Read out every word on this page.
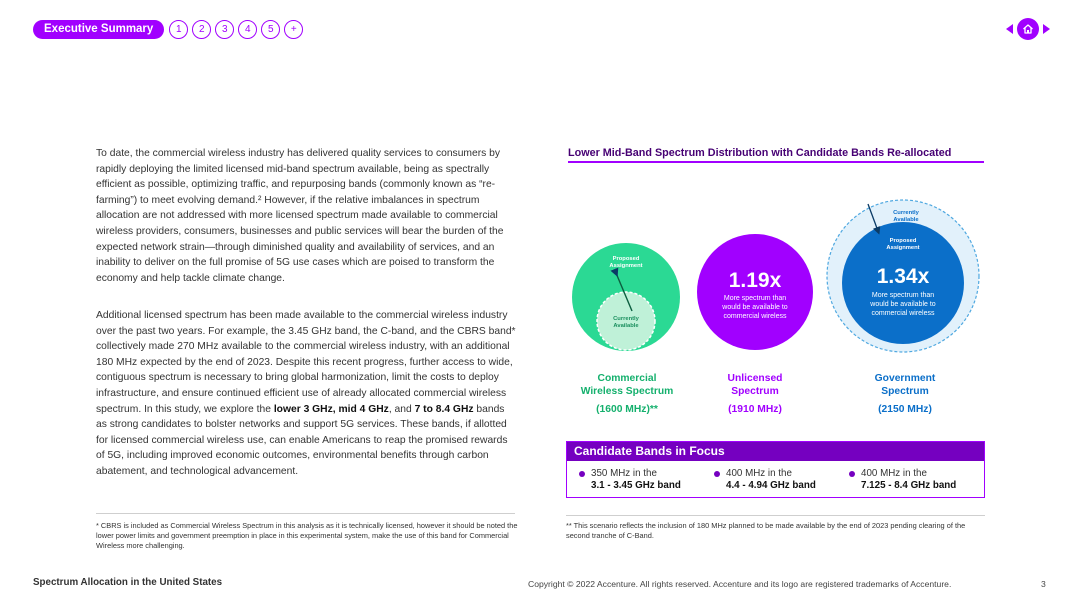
Executive Summary	1	2	3	4	5	+

To date, the commercial wireless industry has delivered quality services to consumers by rapidly deploying the limited licensed mid-band spectrum available, being as spectrally efficient as possible, optimizing traffic, and repurposing bands (commonly known as “re-farming”) to meet evolving demand.² However, if the relative imbalances in spectrum allocation are not addressed with more licensed spectrum made available to commercial wireless providers, consumers, businesses and public services will bear the burden of the expected network strain—through diminished quality and availability of services, and an inability to deliver on the full promise of 5G use cases which are poised to transform the economy and help tackle climate change.

Additional licensed spectrum has been made available to the commercial wireless industry over the past two years. For example, the 3.45 GHz band, the C-band, and the CBRS band* collectively made 270 MHz available to the commercial wireless industry, with an additional 180 MHz expected by the end of 2023. Despite this recent progress, further access to wide, contiguous spectrum is necessary to bring global harmonization, limit the costs to deploy infrastructure, and ensure continued efficient use of already allocated commercial wireless spectrum. In this study, we explore the lower 3 GHz, mid 4 GHz, and 7 to 8.4 GHz bands as strong candidates to bolster networks and support 5G services. These bands, if allotted for licensed commercial wireless use, can enable Americans to reap the promised rewards of 5G, including improved economic outcomes, environmental benefits through carbon abatement, and technological advancement.

* CBRS is included as Commercial Wireless Spectrum in this analysis as it is technically licensed, however it should be noted the lower power limits and government preemption in place in this experimental system, make the use of this band for Commercial Wireless more challenging.

Lower Mid-Band Spectrum Distribution with Candidate Bands Re-allocated
Proposed
Assignment
Currently
Available
1.19x
More spectrum than
would be available to
commercial wireless
Currently
Available
Proposed
Assignment
1.34x
More spectrum than
would be available to
commercial wireless
Commercial
Wireless Spectrum
(1600 MHz)**
Unlicensed
Spectrum
(1910 MHz)
Government
Spectrum
(2150 MHz)
Candidate Bands in Focus
350 MHz in the
3.1 - 3.45 GHz band
400 MHz in the
4.4 - 4.94 GHz band
400 MHz in the
7.125 - 8.4 GHz band

** This scenario reflects the inclusion of 180 MHz planned to be made available by the end of 2023 pending clearing of the second tranche of C-Band.

Spectrum Allocation in the United States	Copyright © 2022 Accenture. All rights reserved. Accenture and its logo are registered trademarks of Accenture.	3
